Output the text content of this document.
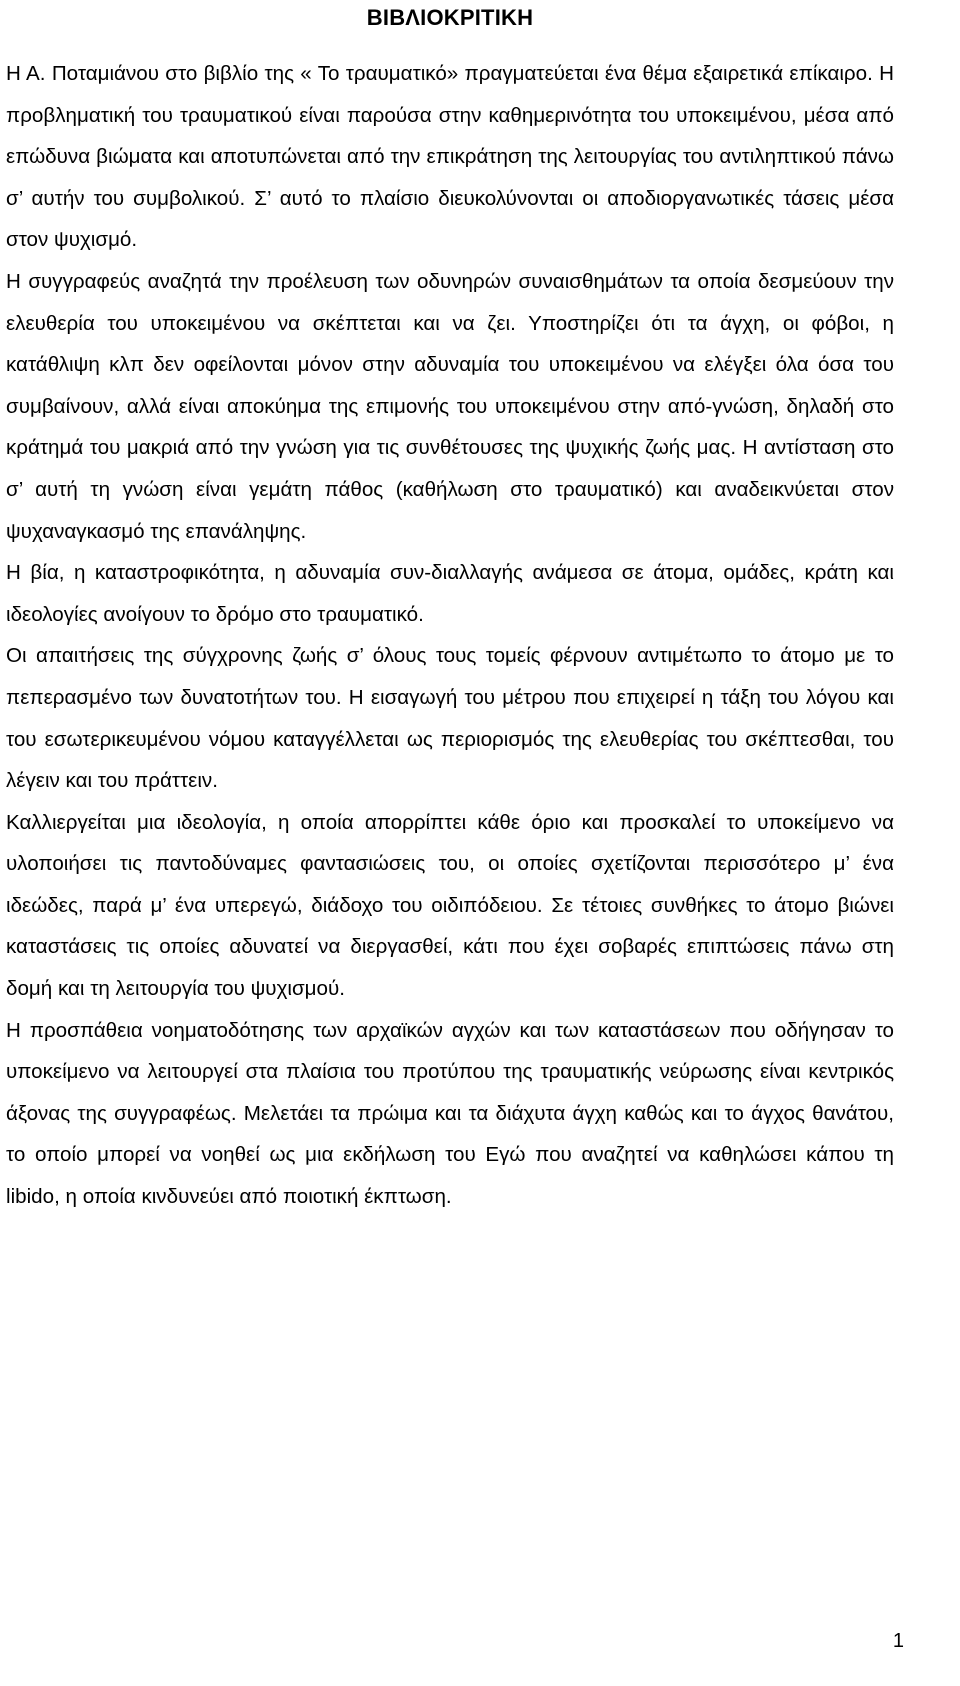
ΒΙΒΛΙΟΚΡΙΤΙΚΗ

Η Α. Ποταμιάνου στο βιβλίο της « Το τραυματικό» πραγματεύεται ένα θέμα εξαιρετικά επίκαιρο. Η προβληματική του τραυματικού είναι παρούσα στην καθημερινότητα του υποκειμένου, μέσα από επώδυνα βιώματα και αποτυπώνεται από την επικράτηση της λειτουργίας του αντιληπτικού πάνω σ’ αυτήν του συμβολικού. Σ’ αυτό το πλαίσιο διευκολύνονται οι αποδιοργανωτικές τάσεις μέσα στον ψυχισμό.

Η συγγραφεύς αναζητά την προέλευση των οδυνηρών συναισθημάτων τα οποία δεσμεύουν την ελευθερία του υποκειμένου να σκέπτεται και να ζει. Υποστηρίζει ότι τα άγχη, οι φόβοι, η κατάθλιψη κλπ δεν οφείλονται μόνον στην αδυναμία του υποκειμένου να ελέγξει όλα όσα του συμβαίνουν, αλλά είναι αποκύημα της επιμονής του υποκειμένου στην από-γνώση, δηλαδή στο κράτημά του μακριά από την γνώση για τις συνθέτουσες της ψυχικής ζωής μας. Η αντίσταση στο σ’ αυτή τη γνώση είναι γεμάτη πάθος (καθήλωση στο τραυματικό) και αναδεικνύεται στον ψυχαναγκασμό της επανάληψης.

Η βία, η καταστροφικότητα, η αδυναμία συν-διαλλαγής ανάμεσα σε άτομα, ομάδες, κράτη και ιδεολογίες ανοίγουν το δρόμο στο τραυματικό.

Οι απαιτήσεις της σύγχρονης ζωής σ’ όλους τους τομείς φέρνουν αντιμέτωπο το άτομο με το πεπερασμένο των δυνατοτήτων του. Η εισαγωγή του μέτρου που επιχειρεί η τάξη του λόγου και του εσωτερικευμένου νόμου καταγγέλλεται ως περιορισμός της ελευθερίας του σκέπτεσθαι, του λέγειν και του πράττειν.

Καλλιεργείται μια ιδεολογία, η οποία απορρίπτει κάθε όριο και προσκαλεί το υποκείμενο να υλοποιήσει τις παντοδύναμες φαντασιώσεις του, οι οποίες σχετίζονται περισσότερο μ’ ένα ιδεώδες, παρά μ’ ένα υπερεγώ, διάδοχο του οιδιπόδειου. Σε τέτοιες συνθήκες το άτομο βιώνει καταστάσεις τις οποίες αδυνατεί να διεργασθεί, κάτι που έχει σοβαρές επιπτώσεις πάνω στη δομή και τη λειτουργία του ψυχισμού.

Η προσπάθεια νοηματοδότησης των αρχαϊκών αγχών και των καταστάσεων που οδήγησαν το υποκείμενο να λειτουργεί στα πλαίσια του προτύπου της τραυματικής νεύρωσης είναι κεντρικός άξονας της συγγραφέως. Μελετάει τα πρώιμα και τα διάχυτα άγχη καθώς και το άγχος θανάτου, το οποίο μπορεί να νοηθεί ως μια εκδήλωση του Εγώ που αναζητεί να καθηλώσει κάπου τη libido, η οποία κινδυνεύει από ποιοτική έκπτωση.

1
